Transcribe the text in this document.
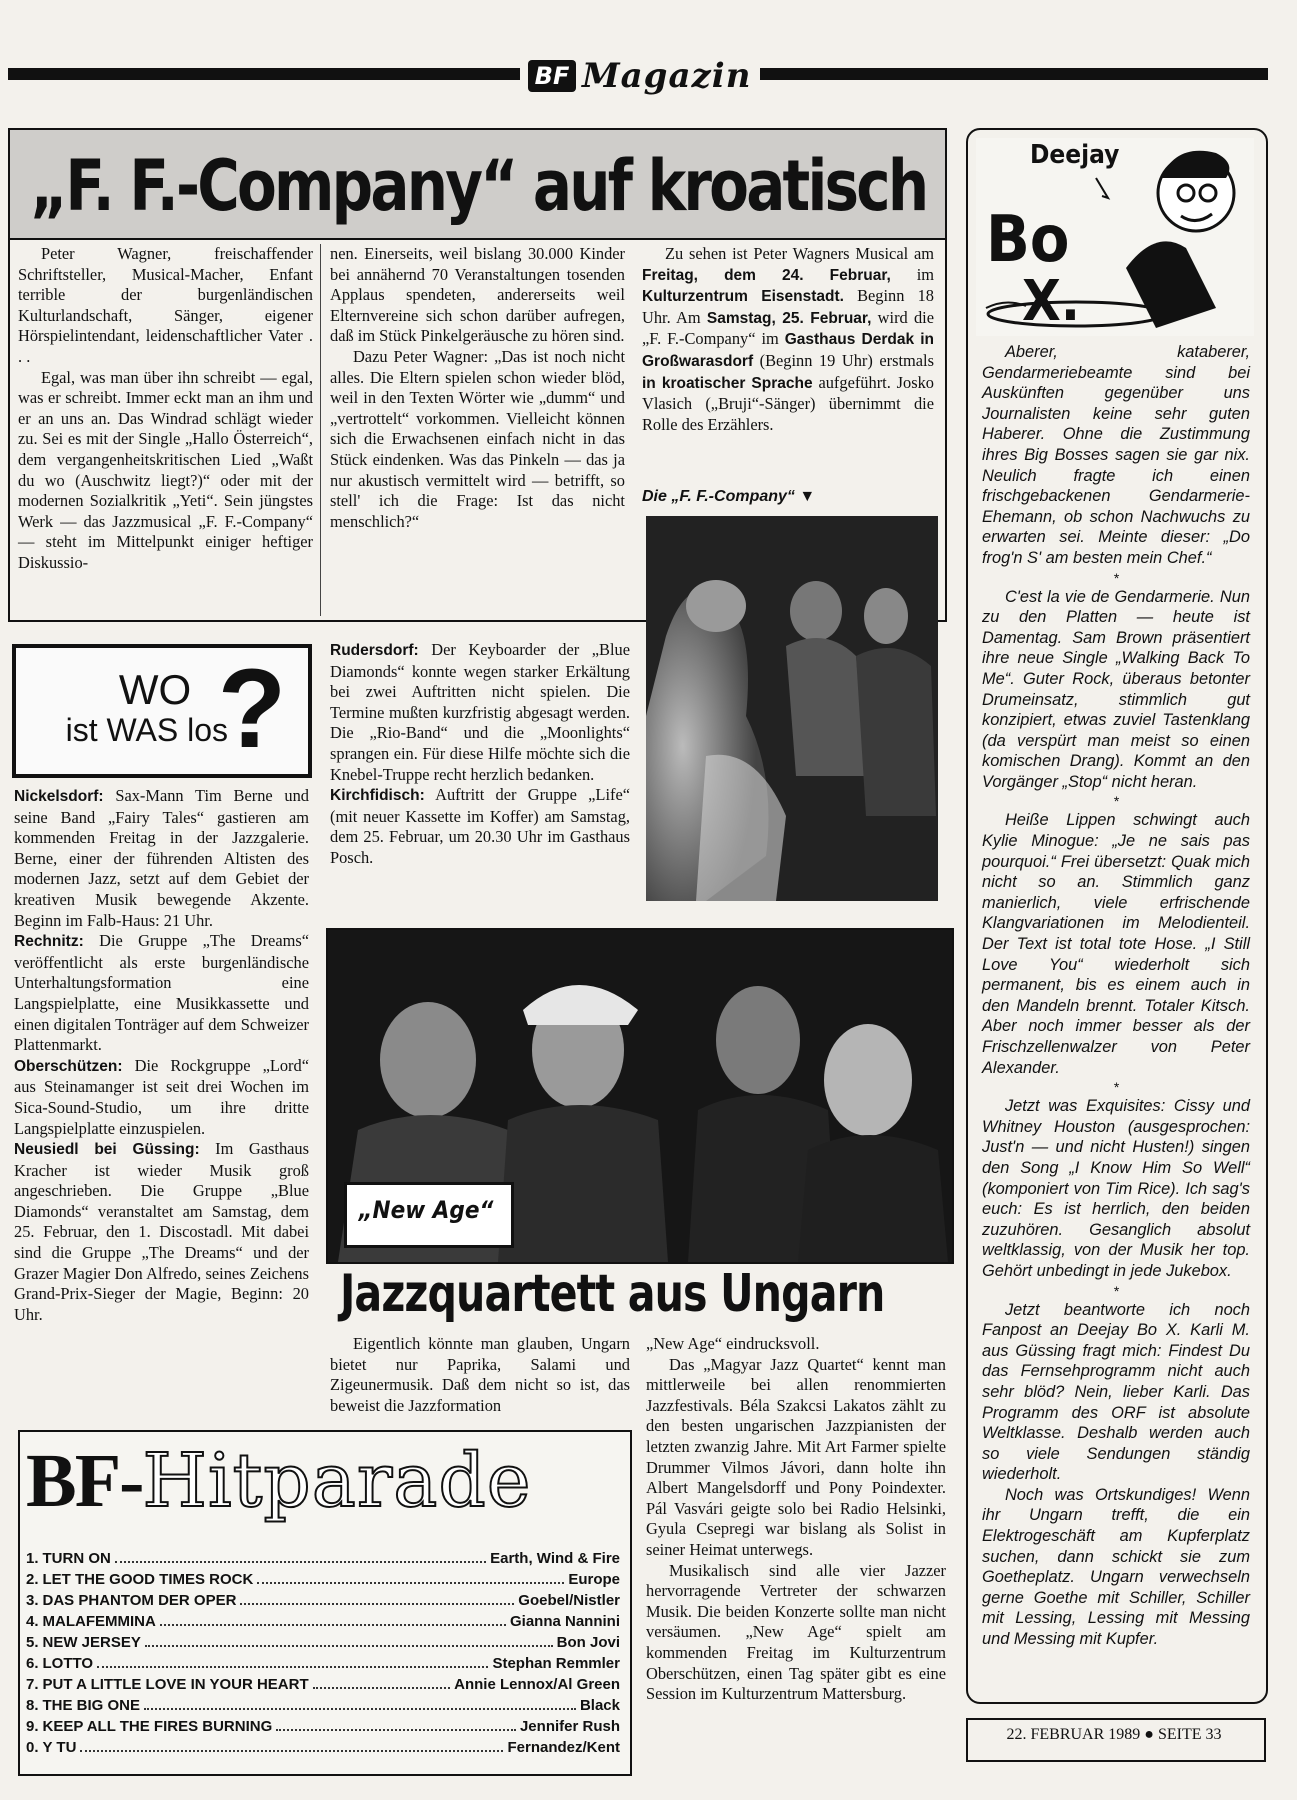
BF Magazin
„F. F.-Company“ auf kroatisch

Peter Wagner, freischaffender Schriftsteller, Musical-Macher, Enfant terrible der burgenländischen Kulturlandschaft, Sänger, eigener Hörspielintendant, leidenschaftlicher Vater . . .

Egal, was man über ihn schreibt — egal, was er schreibt. Immer eckt man an ihm und er an uns an. Das Windrad schlägt wieder zu. Sei es mit der Single „Hallo Österreich“, dem vergangenheitskritischen Lied „Waßt du wo (Auschwitz liegt?)“ oder mit der modernen Sozialkritik „Yeti“. Sein jüngstes Werk — das Jazzmusical „F. F.-Company“ — steht im Mittelpunkt einiger heftiger Diskussio-

nen. Einerseits, weil bislang 30.000 Kinder bei annähernd 70 Veranstaltungen tosenden Applaus spendeten, andererseits weil Elternvereine sich schon darüber aufregen, daß im Stück Pinkelgeräusche zu hören sind.

Dazu Peter Wagner: „Das ist noch nicht alles. Die Eltern spielen schon wieder blöd, weil in den Texten Wörter wie „dumm“ und „vertrottelt“ vorkommen. Vielleicht können sich die Erwachsenen einfach nicht in das Stück eindenken. Was das Pinkeln — das ja nur akustisch vermittelt wird — betrifft, so stell' ich die Frage: Ist das nicht menschlich?“

Zu sehen ist Peter Wagners Musical am Freitag, dem 24. Februar, im Kulturzentrum Eisenstadt. Beginn 18 Uhr. Am Samstag, 25. Februar, wird die „F. F.-Company“ im Gasthaus Derdak in Großwarasdorf (Beginn 19 Uhr) erstmals in kroatischer Sprache aufgeführt. Josko Vlasich („Bruji“-Sänger) übernimmt die Rolle des Erzählers.

Die „F. F.-Company“ ▼
WO
ist WAS los
?

Nickelsdorf: Sax-Mann Tim Berne und seine Band „Fairy Tales“ gastieren am kommenden Freitag in der Jazzgalerie. Berne, einer der führenden Altisten des modernen Jazz, setzt auf dem Gebiet der kreativen Musik bewegende Akzente. Beginn im Falb-Haus: 21 Uhr.

Rechnitz: Die Gruppe „The Dreams“ veröffentlicht als erste burgenländische Unterhaltungsformation eine Langspielplatte, eine Musikkassette und einen digitalen Tonträger auf dem Schweizer Plattenmarkt.

Oberschützen: Die Rockgruppe „Lord“ aus Steinamanger ist seit drei Wochen im Sica-Sound-Studio, um ihre dritte Langspielplatte einzuspielen.

Neusiedl bei Güssing: Im Gasthaus Kracher ist wieder Musik groß angeschrieben. Die Gruppe „Blue Diamonds“ veranstaltet am Samstag, dem 25. Februar, den 1. Discostadl. Mit dabei sind die Gruppe „The Dreams“ und der Grazer Magier Don Alfredo, seines Zeichens Grand-Prix-Sieger der Magie, Beginn: 20 Uhr.

Rudersdorf: Der Keyboarder der „Blue Diamonds“ konnte wegen starker Erkältung bei zwei Auftritten nicht spielen. Die Termine mußten kurzfristig abgesagt werden. Die „Rio-Band“ und die „Moonlights“ sprangen ein. Für diese Hilfe möchte sich die Knebel-Truppe recht herzlich bedanken.

Kirchfidisch: Auftritt der Gruppe „Life“ (mit neuer Kassette im Koffer) am Samstag, dem 25. Februar, um 20.30 Uhr im Gasthaus Posch.

„New Age“
Jazzquartett aus Ungarn

Eigentlich könnte man glauben, Ungarn bietet nur Paprika, Salami und Zigeunermusik. Daß dem nicht so ist, das beweist die Jazzformation

„New Age“ eindrucksvoll.

Das „Magyar Jazz Quartet“ kennt man mittlerweile bei allen renommierten Jazzfestivals. Béla Szakcsi Lakatos zählt zu den besten ungarischen Jazzpianisten der letzten zwanzig Jahre. Mit Art Farmer spielte Drummer Vilmos Jávori, dann holte ihn Albert Mangelsdorff und Pony Poindexter. Pál Vasvári geigte solo bei Radio Helsinki, Gyula Csepregi war bislang als Solist in seiner Heimat unterwegs.

Musikalisch sind alle vier Jazzer hervorragende Vertreter der schwarzen Musik. Die beiden Konzerte sollte man nicht versäumen. „New Age“ spielt am kommenden Freitag im Kulturzentrum Oberschützen, einen Tag später gibt es eine Session im Kulturzentrum Mattersburg.

BF-Hitparade
1.
TURN ON	Earth, Wind & Fire
2.
LET THE GOOD TIMES ROCK	Europe
3.
DAS PHANTOM DER OPER	Goebel/Nistler
4.
MALAFEMMINA	Gianna Nannini
5.
NEW JERSEY	Bon Jovi
6.
LOTTO	Stephan Remmler
7.
PUT A LITTLE LOVE IN YOUR HEART	Annie Lennox/Al Green
8.
THE BIG ONE	Black
9.
KEEP ALL THE FIRES BURNING	Jennifer Rush
0.
Y TU	Fernandez/Kent
Deejay
Bo
X.

Aberer, kataberer, Gendarmeriebeamte sind bei Auskünften gegenüber uns Journalisten keine sehr guten Haberer. Ohne die Zustimmung ihres Big Bosses sagen sie gar nix. Neulich fragte ich einen frischgebackenen Gendarmerie-Ehemann, ob schon Nachwuchs zu erwarten sei. Meinte dieser: „Do frog'n S' am besten mein Chef.“

*

C'est la vie de Gendarmerie. Nun zu den Platten — heute ist Damentag. Sam Brown präsentiert ihre neue Single „Walking Back To Me“. Guter Rock, überaus betonter Drumeinsatz, stimmlich gut konzipiert, etwas zuviel Tastenklang (da verspürt man meist so einen komischen Drang). Kommt an den Vorgänger „Stop“ nicht heran.

*

Heiße Lippen schwingt auch Kylie Minogue: „Je ne sais pas pourquoi.“ Frei übersetzt: Quak mich nicht so an. Stimmlich ganz manierlich, viele erfrischende Klangvariationen im Melodienteil. Der Text ist total tote Hose. „I Still Love You“ wiederholt sich permanent, bis es einem auch in den Mandeln brennt. Totaler Kitsch. Aber noch immer besser als der Frischzellenwalzer von Peter Alexander.

*

Jetzt was Exquisites: Cissy und Whitney Houston (ausgesprochen: Just'n — und nicht Husten!) singen den Song „I Know Him So Well“ (komponiert von Tim Rice). Ich sag's euch: Es ist herrlich, den beiden zuzuhören. Gesanglich absolut weltklassig, von der Musik her top. Gehört unbedingt in jede Jukebox.

*

Jetzt beantworte ich noch Fanpost an Deejay Bo X. Karli M. aus Güssing fragt mich: Findest Du das Fernsehprogramm nicht auch sehr blöd? Nein, lieber Karli. Das Programm des ORF ist absolute Weltklasse. Deshalb werden auch so viele Sendungen ständig wiederholt.

Noch was Ortskundiges! Wenn ihr Ungarn trefft, die ein Elektrogeschäft am Kupferplatz suchen, dann schickt sie zum Goetheplatz. Ungarn verwechseln gerne Goethe mit Schiller, Schiller mit Lessing, Lessing mit Messing und Messing mit Kupfer.

22. FEBRUAR 1989 ● SEITE 33
